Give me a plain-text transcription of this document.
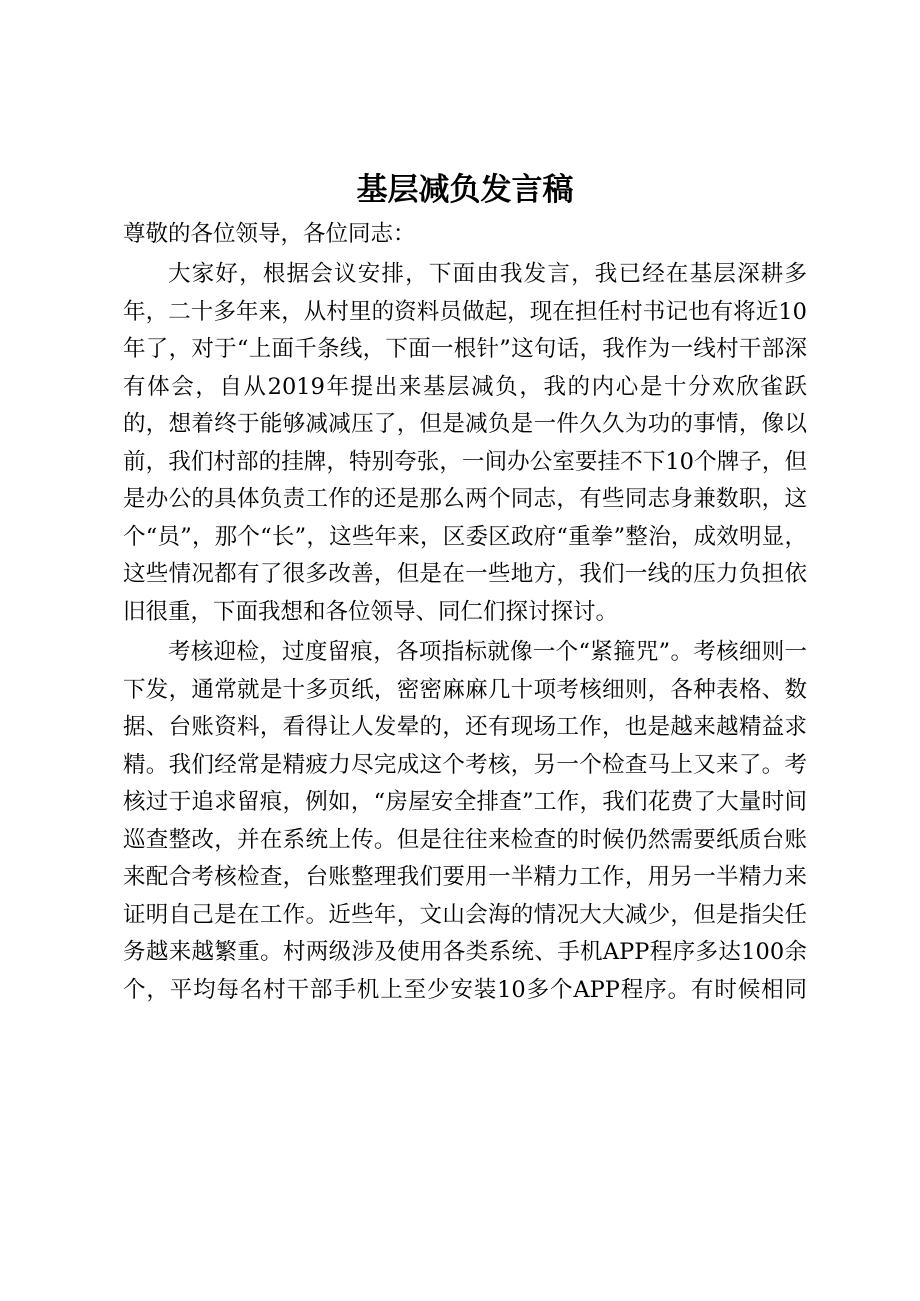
基层减负发言稿

尊敬的各位领导，各位同志：

大家好，根据会议安排，下面由我发言，我已经在基层深耕多年，二十多年来，从村里的资料员做起，现在担任村书记也有将近10年了，对于“上面千条线，下面一根针”这句话，我作为一线村干部深有体会，自从2019年提出来基层减负，我的内心是十分欢欣雀跃的，想着终于能够减减压了，但是减负是一件久久为功的事情，像以前，我们村部的挂牌，特别夸张，一间办公室要挂不下10个牌子，但是办公的具体负责工作的还是那么两个同志，有些同志身兼数职，这个“员”，那个“长”，这些年来，区委区政府“重拳”整治，成效明显，这些情况都有了很多改善，但是在一些地方，我们一线的压力负担依旧很重，下面我想和各位领导、同仁们探讨探讨。

考核迎检，过度留痕，各项指标就像一个“紧箍咒”。考核细则一下发，通常就是十多页纸，密密麻麻几十项考核细则，各种表格、数据、台账资料，看得让人发晕的，还有现场工作，也是越来越精益求精。我们经常是精疲力尽完成这个考核，另一个检查马上又来了。考核过于追求留痕，例如，“房屋安全排查”工作，我们花费了大量时间巡查整改，并在系统上传。但是往往来检查的时候仍然需要纸质台账来配合考核检查，台账整理我们要用一半精力工作，用另一半精力来证明自己是在工作。近些年，文山会海的情况大大减少，但是指尖任务越来越繁重。村两级涉及使用各类系统、手机APP程序多达100余个，平均每名村干部手机上至少安装10多个APP程序。有时候相同
